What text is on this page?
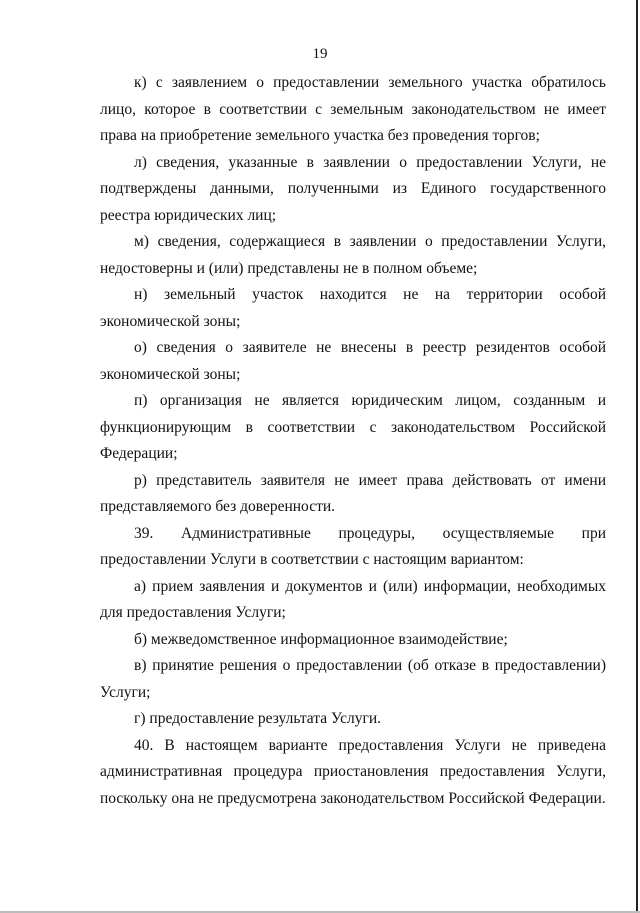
19

к) с заявлением о предоставлении земельного участка обратилось лицо, которое в соответствии с земельным законодательством не имеет права на приобретение земельного участка без проведения торгов;

л) сведения, указанные в заявлении о предоставлении Услуги, не подтверждены данными, полученными из Единого государственного реестра юридических лиц;

м) сведения, содержащиеся в заявлении о предоставлении Услуги, недостоверны и (или) представлены не в полном объеме;

н) земельный участок находится не на территории особой экономической зоны;

о) сведения о заявителе не внесены в реестр резидентов особой экономической зоны;

п) организация не является юридическим лицом, созданным и функционирующим в соответствии с законодательством Российской Федерации;

р) представитель заявителя не имеет права действовать от имени представляемого без доверенности.

39. Административные процедуры, осуществляемые при предоставлении Услуги в соответствии с настоящим вариантом:

а) прием заявления и документов и (или) информации, необходимых для предоставления Услуги;

б) межведомственное информационное взаимодействие;

в) принятие решения о предоставлении (об отказе в предоставлении) Услуги;

г) предоставление результата Услуги.

40. В настоящем варианте предоставления Услуги не приведена административная процедура приостановления предоставления Услуги, поскольку она не предусмотрена законодательством Российской Федерации.
